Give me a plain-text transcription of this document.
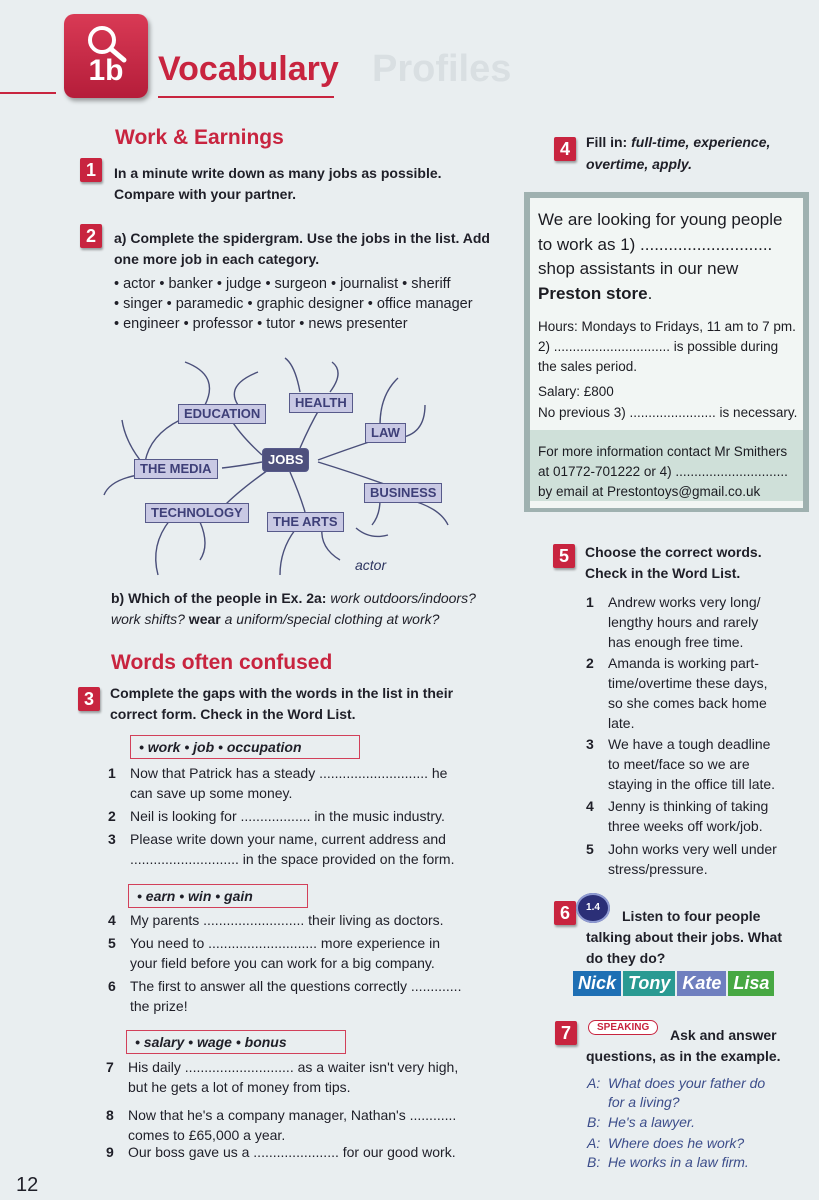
Profiles
1b	Vocabulary
Work & Earnings
1	In a minute write down as many jobs as possible.
Compare with your partner.
2	a) Complete the spidergram. Use the jobs in the list. Add
one more job in each category.
• actor • banker • judge • surgeon • journalist • sheriff
• singer • paramedic • graphic designer • office manager
• engineer • professor • tutor • news presenter
EDUCATION
HEALTH
LAW
JOBS
THE MEDIA
BUSINESS
TECHNOLOGY
THE ARTS
actor
b) Which of the people in Ex. 2a: work outdoors/indoors?
work shifts? wear a uniform/special clothing at work?
Words often confused
3	Complete the gaps with the words in the list in their
correct form. Check in the Word List.
• work • job • occupation
• earn • win • gain
• salary • wage • bonus
1 Now that Patrick has a steady ............................ he
can save up some money.
2 Neil is looking for .................. in the music industry.
3 Please write down your name, current address and
............................ in the space provided on the form.
4 My parents .......................... their living as doctors.
5 You need to ............................ more experience in
your field before you can work for a big company.
6 The first to answer all the questions correctly .............
the prize!
7 His daily ............................ as a waiter isn't very high,
but he gets a lot of money from tips.
8 Now that he's a company manager, Nathan's ............
comes to £65,000 a year.
9 Our boss gave us a ...................... for our good work.
12
4	Fill in: full-time, experience,
overtime, apply.
We are looking for young people
to work as 1) ............................
shop assistants in our new
Preston store.
Hours: Mondays to Fridays, 11 am to 7 pm.
2) ............................... is possible during
the sales period.
Salary: £800
No previous 3) ....................... is necessary.
For more information contact Mr Smithers
at 01772-701222 or 4) ..............................
by email at Prestontoys@gmail.co.uk
5	Choose the correct words.
Check in the Word List.
1 Andrew works very long/
lengthy hours and rarely
has enough free time.
2 Amanda is working part-
time/overtime these days,
so she comes back home
late.
3 We have a tough deadline
to meet/face so we are
staying in the office till late.
4 Jenny is thinking of taking
three weeks off work/job.
5 John works very well under
stress/pressure.
6	1.4
Listen to four people
talking about their jobs. What
do they do?
Nick Tony Kate Lisa
7	SPEAKING	Ask and answer
questions, as in the example.
A: What does your father do
for a living?
B: He's a lawyer.
A: Where does he work?
B: He works in a law firm.
